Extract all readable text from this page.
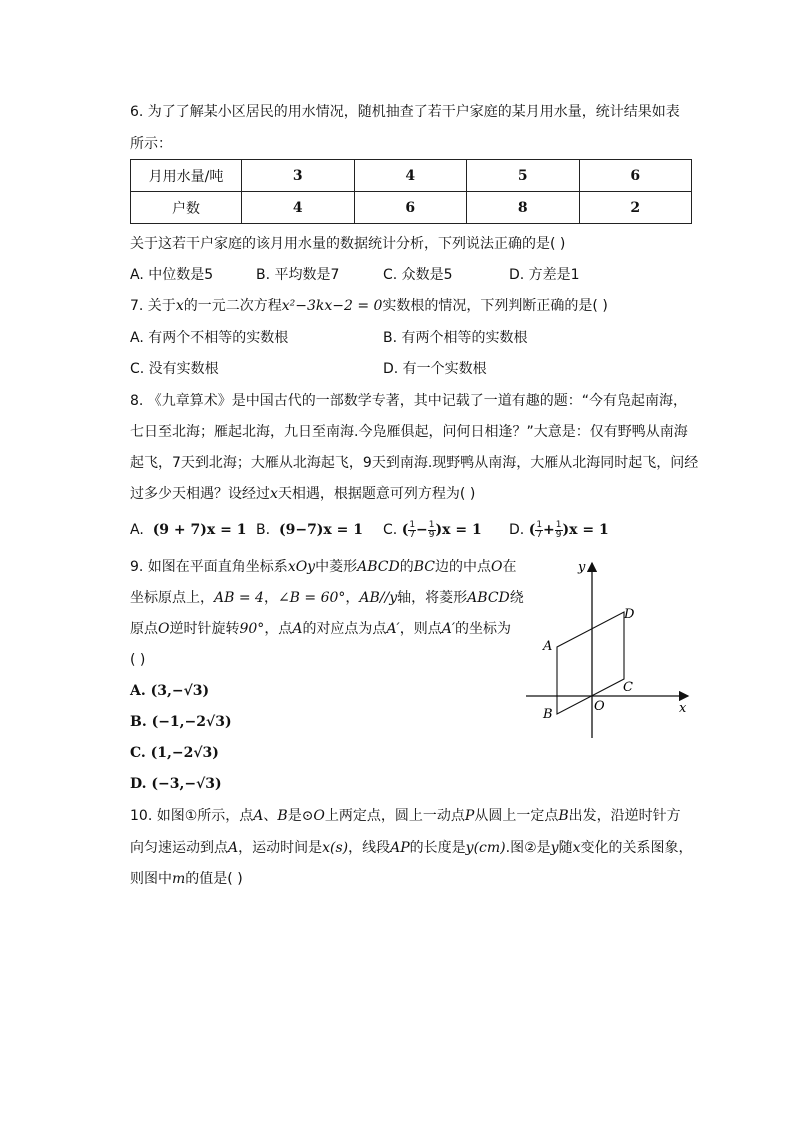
6. 为了了解某小区居民的用水情况，随机抽查了若干户家庭的某月用水量，统计结果如表
所示：
月用水量/吨	3	4	5	6
户数	4	6	8	2
关于这若干户家庭的该月用水量的数据统计分析，下列说法正确的是( )
A. 中位数是5	B. 平均数是7	C. 众数是5	D. 方差是1
7. 关于x的一元二次方程x²−3kx−2 = 0实数根的情况，下列判断正确的是( )
A. 有两个不相等的实数根	B. 有两个相等的实数根
C. 没有实数根	D. 有一个实数根
8. 《九章算术》是中国古代的一部数学专著，其中记载了一道有趣的题：“今有凫起南海，
七日至北海；雁起北海，九日至南海.今凫雁俱起，问何日相逢？”大意是：仅有野鸭从南海
起飞，7天到北海；大雁从北海起飞，9天到南海.现野鸭从南海，大雁从北海同时起飞，问经
过多少天相遇？设经过x天相遇，根据题意可列方程为( )
A. (9 + 7)x = 1 B. (9−7)x = 1 C. ( $\frac{1}{7} - \frac{1}{9} )x = 1$ D. ( $\frac{1}{7} + \frac{1}{9} )x = 1$
9. 如图在平面直角坐标系xOy中菱形ABCD的BC边的中点O在
坐标原点上，AB = 4，∠B = 60°，AB//y轴，将菱形ABCD绕
原点O逆时针旋转90°，点A的对应点为点A′，则点A′的坐标为
( )
A. (3,−√3)
B. (−1,−2√3)
C. (1,−2√3)
D. (−3,−√3)
y
x
A
B
C
D
O
10. 如图①所示，点A、B是⊙O上两定点，圆上一动点P从圆上一定点B出发，沿逆时针方
向匀速运动到点A，运动时间是x(s)，线段AP的长度是y(cm).图②是y随x变化的关系图象，
则图中m的值是( )
